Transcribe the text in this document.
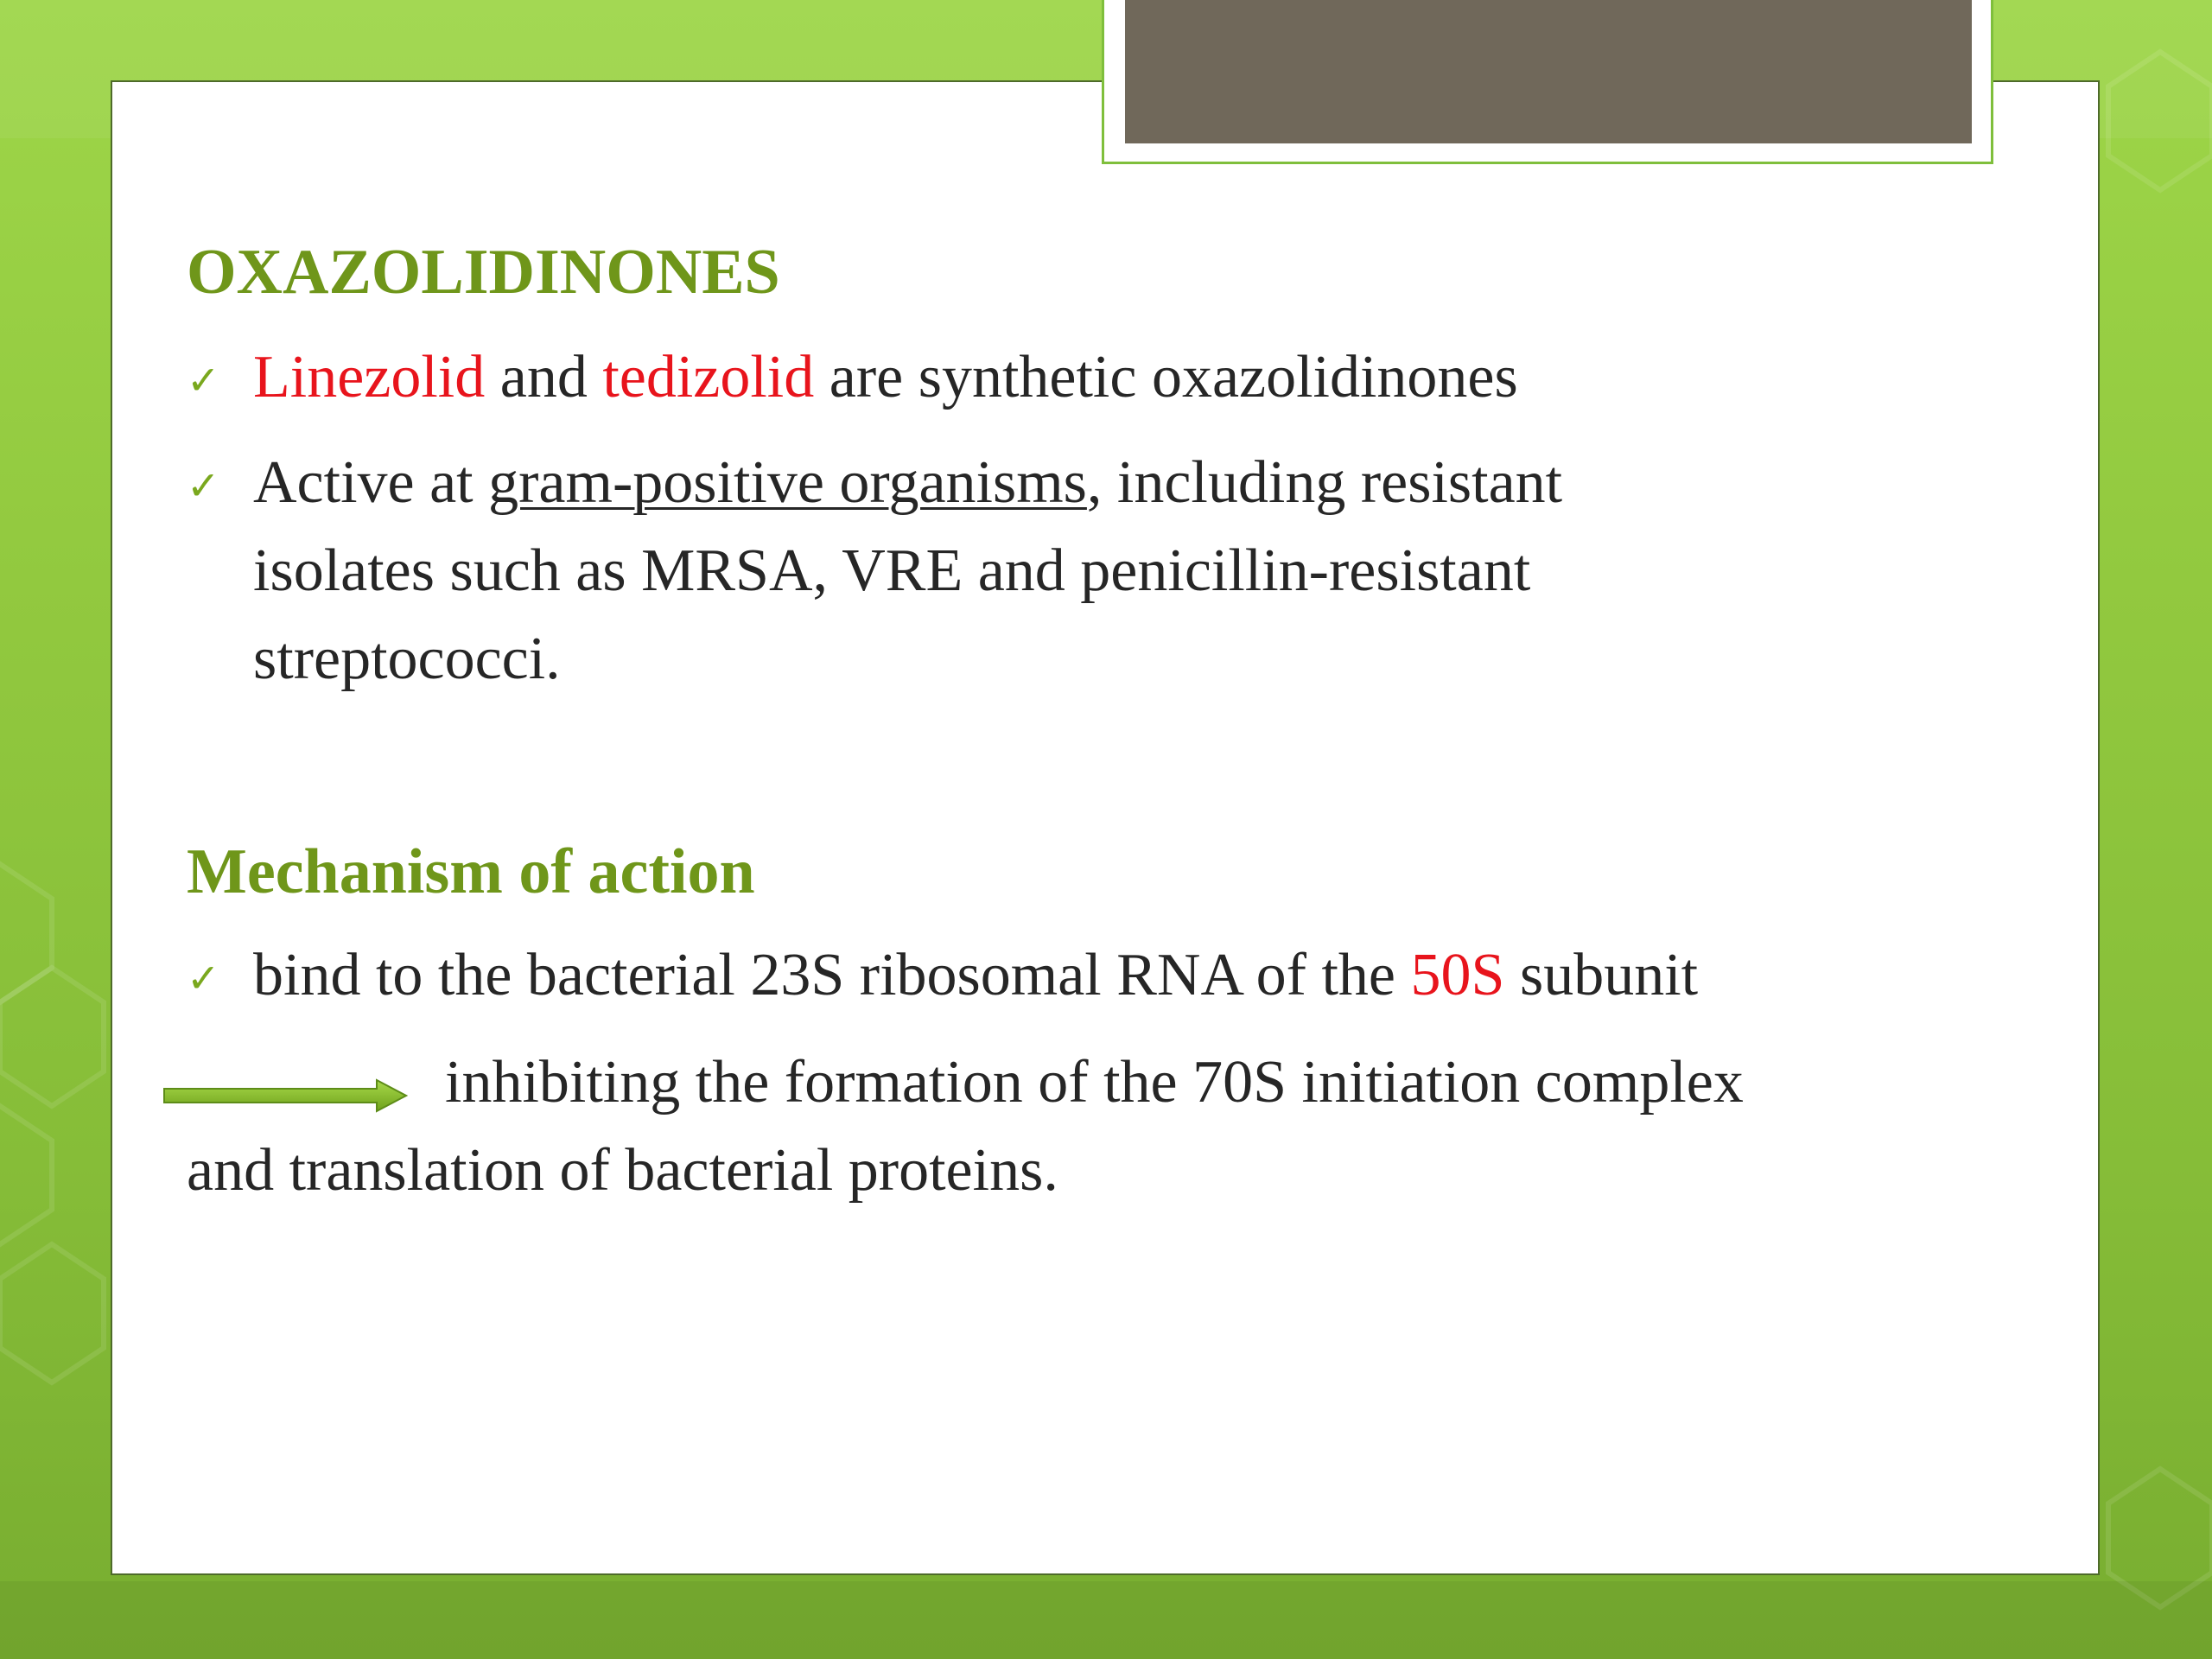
OXAZOLIDINONES
✓ Linezolid and tedizolid are synthetic oxazolidinones
✓ Active at gram-positive organisms, including resistant
isolates such as MRSA, VRE and penicillin-resistant
streptococci.
Mechanism of action
✓ bind to the bacterial 23S ribosomal RNA of the 50S subunit
inhibiting the formation of the 70S initiation complex
and translation of bacterial proteins.
